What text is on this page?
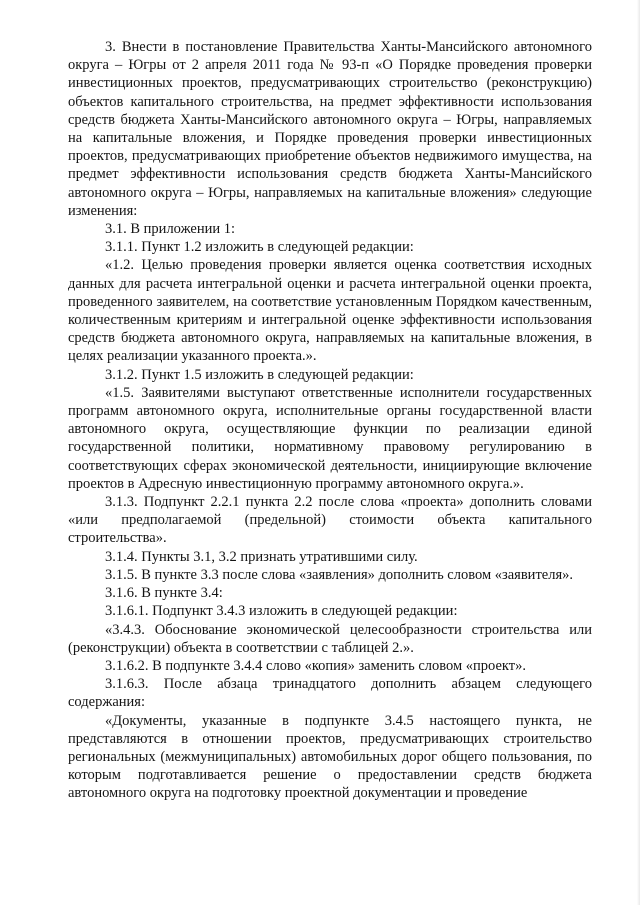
3. Внести в постановление Правительства Ханты-Мансийского автономного округа – Югры от 2 апреля 2011 года № 93-п «О Порядке проведения проверки инвестиционных проектов, предусматривающих строительство (реконструкцию) объектов капитального строительства, на предмет эффективности использования средств бюджета Ханты-Мансийского автономного округа – Югры, направляемых на капитальные вложения, и Порядке проведения проверки инвестиционных проектов, предусматривающих приобретение объектов недвижимого имущества, на предмет эффективности использования средств бюджета Ханты-Мансийского автономного округа – Югры, направляемых на капитальные вложения» следующие изменения:

3.1. В приложении 1:

3.1.1. Пункт 1.2 изложить в следующей редакции:

«1.2. Целью проведения проверки является оценка соответствия исходных данных для расчета интегральной оценки и расчета интегральной оценки проекта, проведенного заявителем, на соответствие установленным Порядком качественным, количественным критериям и интегральной оценке эффективности использования средств бюджета автономного округа, направляемых на капитальные вложения, в целях реализации указанного проекта.».

3.1.2. Пункт 1.5 изложить в следующей редакции:

«1.5. Заявителями выступают ответственные исполнители государственных программ автономного округа, исполнительные органы государственной власти автономного округа, осуществляющие функции по реализации единой государственной политики, нормативному правовому регулированию в соответствующих сферах экономической деятельности, инициирующие включение проектов в Адресную инвестиционную программу автономного округа.».

3.1.3. Подпункт 2.2.1 пункта 2.2 после слова «проекта» дополнить словами «или предполагаемой (предельной) стоимости объекта капитального строительства».

3.1.4. Пункты 3.1, 3.2 признать утратившими силу.

3.1.5. В пункте 3.3 после слова «заявления» дополнить словом «заявителя».

3.1.6. В пункте 3.4:

3.1.6.1. Подпункт 3.4.3 изложить в следующей редакции:

«3.4.3. Обоснование экономической целесообразности строительства или (реконструкции) объекта в соответствии с таблицей 2.».

3.1.6.2. В подпункте 3.4.4 слово «копия» заменить словом «проект».

3.1.6.3. После абзаца тринадцатого дополнить абзацем следующего содержания:

«Документы, указанные в подпункте 3.4.5 настоящего пункта, не представляются в отношении проектов, предусматривающих строительство региональных (межмуниципальных) автомобильных дорог общего пользования, по которым подготавливается решение о предоставлении средств бюджета автономного округа на подготовку проектной документации и проведение
